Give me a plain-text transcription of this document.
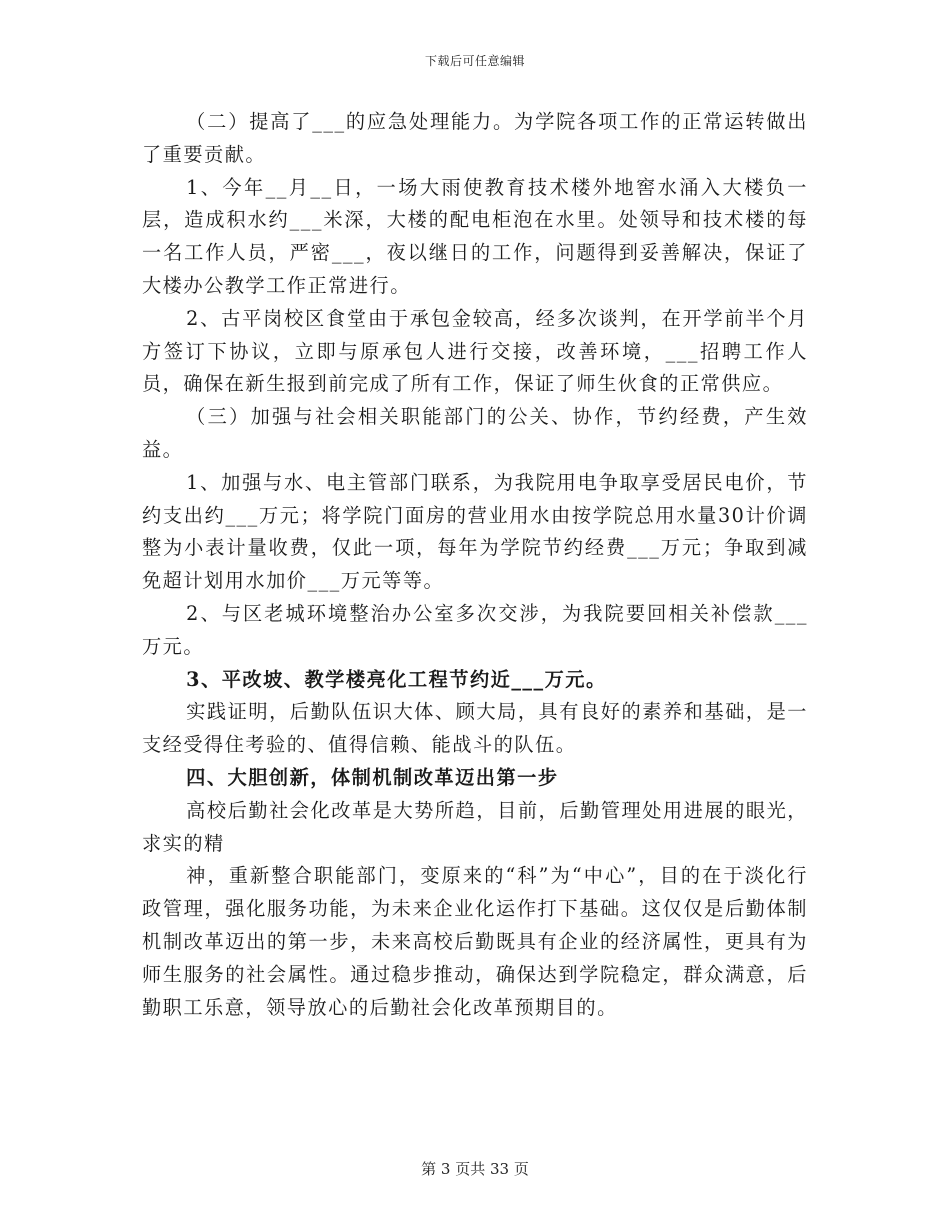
下载后可任意编辑

（二）提高了___的应急处理能力。为学院各项工作的正常运转做出了重要贡献。

1、今年__月__日，一场大雨使教育技术楼外地窖水涌入大楼负一层，造成积水约___米深，大楼的配电柜泡在水里。处领导和技术楼的每一名工作人员，严密___，夜以继日的工作，问题得到妥善解决，保证了大楼办公教学工作正常进行。

2、古平岗校区食堂由于承包金较高，经多次谈判，在开学前半个月方签订下协议，立即与原承包人进行交接，改善环境，___招聘工作人员，确保在新生报到前完成了所有工作，保证了师生伙食的正常供应。

（三）加强与社会相关职能部门的公关、协作，节约经费，产生效益。

1、加强与水、电主管部门联系，为我院用电争取享受居民电价，节约支出约___万元；将学院门面房的营业用水由按学院总用水量30计价调整为小表计量收费，仅此一项，每年为学院节约经费___万元；争取到减免超计划用水加价___万元等等。

2、与区老城环境整治办公室多次交涉，为我院要回相关补偿款___万元。

3、平改坡、教学楼亮化工程节约近___万元。

实践证明，后勤队伍识大体、顾大局，具有良好的素养和基础，是一支经受得住考验的、值得信赖、能战斗的队伍。

四、大胆创新，体制机制改革迈出第一步

高校后勤社会化改革是大势所趋，目前，后勤管理处用进展的眼光，求实的精

神，重新整合职能部门，变原来的“科”为“中心”，目的在于淡化行政管理，强化服务功能，为未来企业化运作打下基础。这仅仅是后勤体制机制改革迈出的第一步，未来高校后勤既具有企业的经济属性，更具有为师生服务的社会属性。通过稳步推动，确保达到学院稳定，群众满意，后勤职工乐意，领导放心的后勤社会化改革预期目的。

第 3 页共 33 页
